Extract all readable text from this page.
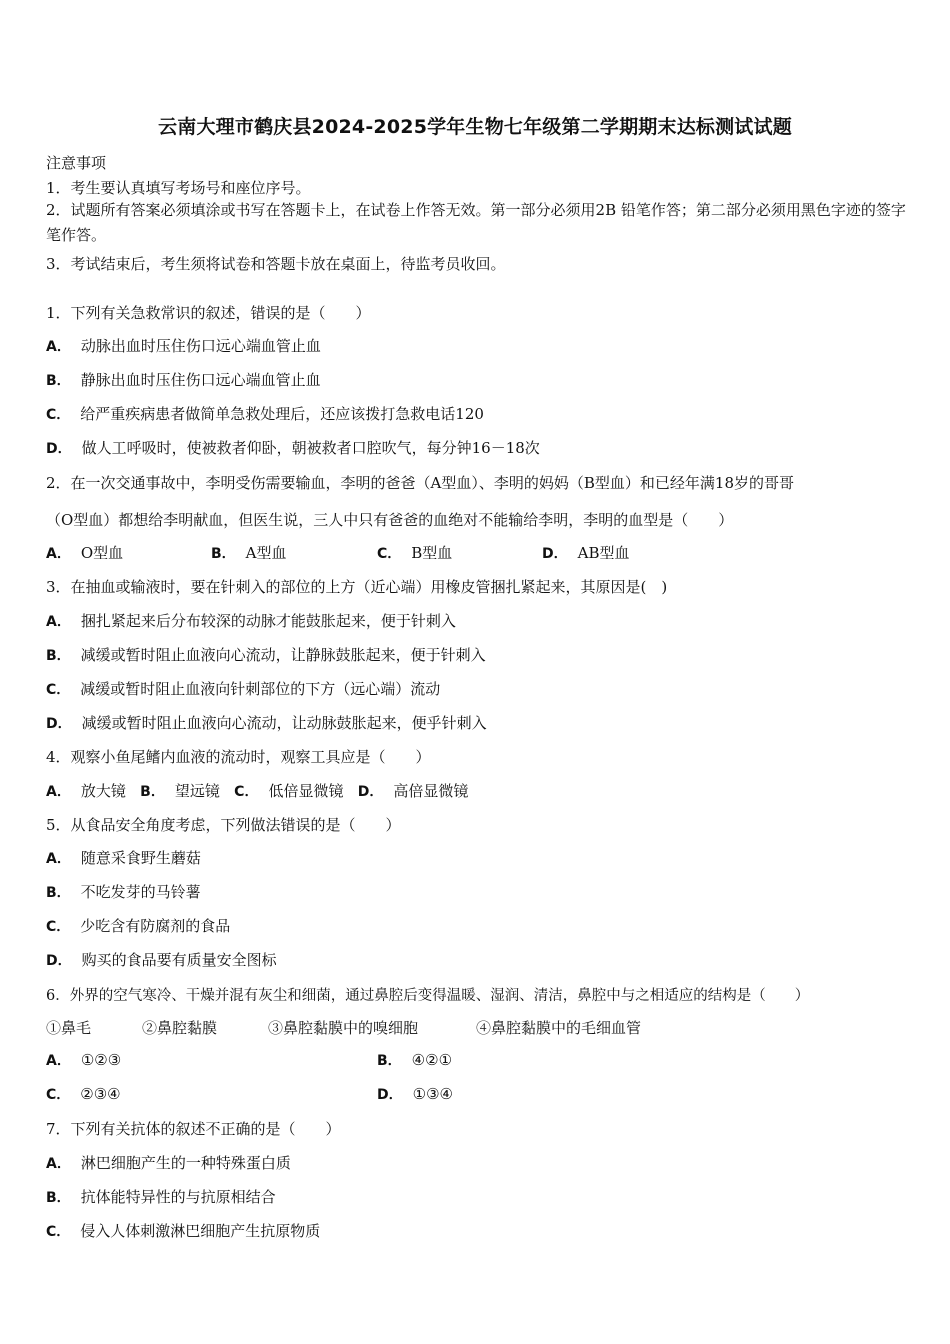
云南大理市鹤庆县2024-2025学年生物七年级第二学期期末达标测试试题
注意事项
1．考生要认真填写考场号和座位序号。
2．试题所有答案必须填涂或书写在答题卡上，在试卷上作答无效。第一部分必须用2B 铅笔作答；第二部分必须用黑色字迹的签字笔作答。
3．考试结束后，考生须将试卷和答题卡放在桌面上，待监考员收回。
1．下列有关急救常识的叙述，错误的是（　　）
A． 动脉出血时压住伤口远心端血管止血
B． 静脉出血时压住伤口远心端血管止血
C． 给严重疾病患者做简单急救处理后，还应该拨打急救电话120
D． 做人工呼吸时，使被救者仰卧，朝被救者口腔吹气，每分钟16－18次
2．在一次交通事故中，李明受伤需要输血，李明的爸爸（A型血）、李明的妈妈（B型血）和已经年满18岁的哥哥
（O型血）都想给李明献血，但医生说，三人中只有爸爸的血绝对不能输给李明，李明的血型是（　　）
A． O型血	B． A型血	C． B型血	D． AB型血
3．在抽血或输液时，要在针刺入的部位的上方（近心端）用橡皮管捆扎紧起来，其原因是(　)
A． 捆扎紧起来后分布较深的动脉才能鼓胀起来，便于针刺入
B． 减缓或暂时阻止血液向心流动，让静脉鼓胀起来，便于针刺入
C． 减缓或暂时阻止血液向针刺部位的下方（远心端）流动
D． 减缓或暂时阻止血液向心流动，让动脉鼓胀起来，便乎针刺入
4．观察小鱼尾鳍内血液的流动时，观察工具应是（　　）
A． 放大镜 B． 望远镜 C． 低倍显微镜 D． 高倍显微镜
5．从食品安全角度考虑，下列做法错误的是（　　）
A． 随意采食野生蘑菇
B． 不吃发芽的马铃薯
C． 少吃含有防腐剂的食品
D． 购买的食品要有质量安全图标
6．外界的空气寒冷、干燥并混有灰尘和细菌，通过鼻腔后变得温暖、湿润、清洁，鼻腔中与之相适应的结构是（　　）
①鼻毛	②鼻腔黏膜	③鼻腔黏膜中的嗅细胞	④鼻腔黏膜中的毛细血管
A． ①②③	B． ④②①
C． ②③④	D． ①③④
7．下列有关抗体的叙述不正确的是（　　）
A． 淋巴细胞产生的一种特殊蛋白质
B． 抗体能特异性的与抗原相结合
C． 侵入人体刺激淋巴细胞产生抗原物质
